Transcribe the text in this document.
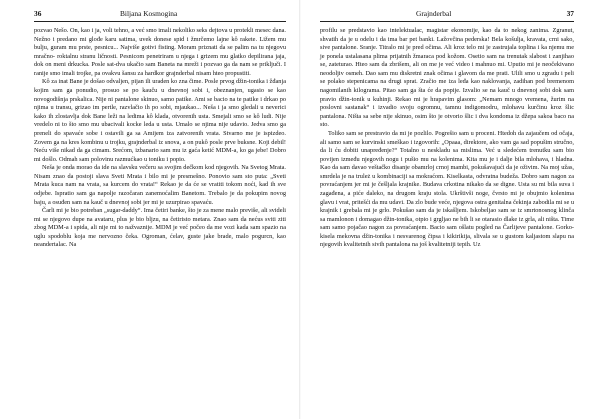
36	Biljana Kosmogina

pozvao Nešo. On, kao i ja, voli tehno, a već smo imali nekoliko seks dejtova u protekli mesec dana. Nežno i predano mi glođe karu satima, uvek donese spid i žmrčemo lajne kô rakete. Ližem mu bulju, guram mu prste, pesnicu... Najviše gotivi fisting. Moram priznati da se palim na tu njegovu mračno- roktalnu stranu ličnosti. Pesnicom penetriram u njega i grizem mu glatko depilirana jaja, dok on meni drkucka. Posle sat-dva ukačio sam Baneta na mreži i pozvao ga da nam se priključi. I ranije smo imali trojke, pa ovakvu šansu za hardkor grajnderbal nisam hteo propustiti.

Kô za inat Bane je došao odvaljen, pijan ili uraden ko zna čime. Posle prvog džin-tonika i žđanja kojim sam ga ponudio, prosuo se po kauču u dnevnoj sobi i, obeznanjen, ugasio se kao novogodišnja prskalica. Nije ni pantalone skinuo, samo patike. Ami se bacio na te patike i drkao po njima u transu, grizao im pertle, razvlačio ih po sobi, mjaukao... Neša i ja smo gledali u neverici kako ih zlostavlja dok Bane leži na ledima kô klada, otvorenih usta. Smejali smo se kô ludi. Nije vredelo ni to što smo mu ubacivali kocke leda u usta. Umalo se njima nije udavio. Jedva smo ga preneli do spavaće sobe i ostavili ga sa Amijem iza zatvorenih vrata. Stvarno me je ispizdeo. Zovem ga na kres kombinu u trojku, grajnderbal iz snova, a on pukô posle prve buksne. Koji debil! Neću više nikad da ga cimam. Srećom, izbanario sam mu iz gaća ketić MDM-a, ko ga jebe! Dobro mi došlo. Odmah sam polovinu razmućkao u toniku i popio.

Neša je onda morao da ide na slavsku večeru sa svojim dečkom kod njegovih. Na Svetog Mrata. Nisam znao da postoji slava Sveti Mrata i bilo mi je presmešno. Ponovio sam sto puta: „Sveti Mrata kuca nam na vrata, sa kurcem do vrata!“ Rekao je da će se vratiti tokom noći, kad ih sve odjebe. Ispratio sam ga napolje razočaran zanemoćalim Banetom. Trebalo je da pokupim novog baju, a osuđen sam na kauč u dnevnoj sobi jer mi je uzurpirao spavaću.

Čarli mi je bio potreban „sugar-daddy“. Ima četiri banke, što je za mene malo previše, ali svideli mi se njegovo dupe na avataru, plus je bio bljzu, na četiristo metara. Znao sam da nećus sviti ziti zbog MDM-a i spida, ali nije mi to nažvaznije. MDM je već počeo da me vozi kada sam spazio na uglu spodoblu koja me nervozno čeka. Ogroman, ćelav, guste jake brade, malo pogurcn, kao neandertalac. Na

Grajnderbal	37

profilu se predstavio kao intelektualac, magistar ekonomije, kao da to nekog zanima. Zgranut, shvatih da je u odelu i da ima bar pet banki. Lažovčina pederska! Bela košulja, kravata, crni sako, sive pantalone. Sranje. Titralo mi je pred očima. Ali kroz telo mi je zastrujala toplina i ka njemu me je ponela ustalasana plima prijatnih žmaraca pod kožom. Osetio sam na trenutak slabost i zanjihao se, zateturao. Hteo sam da zbrišem, ali on me je već video i mahnuo mi. Uputio mi je neočekivano neodoljiv osmeh. Dao sam mu diskretni znak očima i glavom da me prati. Ulili smo u zgradu i peli se polako stepenicama na drugi sprat. Zračio me iza leđa kao naklovanja, zadihan pod bremenom nagomilanih kilograma. Pitao sam ga šta će da popije. Izvalio se na kauč u dnevnoj sobi dok sam pravio džin-tonik u kuhinji. Rekao mi je hrapavim glasom: „Nemam mnogo vremena, žurim na poslovni sastanak“ i izvadio svoju ogromnu, tamnu indigomodru, mlohavu kurčinu kroz šlic pantalona. Ništa sa sebe nije skinuo, osim što je otvorio šlic i dva kondoma iz džepa sakoa baco na sto.

Toliko sam se prestravio da mi je pozlilo. Pogrešio sam u proceni. Htedoh da zajaučem od očaja, ali samo sam se kurvinski smeškao i izgovorih: „Opaaa, direktore, ako vam ga sad popušim stručno, da li ću dobiti unapređenje?“ Totalno u neskladu sa mislima. Već u sledećem trenutku sam bio povijen između njegovih nogu i pušio mu na kolenima. Kita mu je i dalje bila mlohava, i hladna. Kao da sam davao veštačko disanje obamrloj crnoj mambi, pokušavajući da je oživim. Na moj užas, smrdela je na truleż u kombinaciji sa mokraćom. Kiselkasta, odvratna budeža. Dobro sam nagon za povraćanjem jer mi je češljala krajnike. Budava crkotina nikako da se digne. Usta su mi bila suva i zagađena, a piće daleko, na drugom kraju stola. Ukrštivši noge, čvrsto mi je obujmio kolenima glavu i vrat, pritešći da mu udavi. Da zlo bude veće, njegova ostra genitalna čekinja zabodila mi se u krajnik i grebala mi je grlo. Pokušao sam da je iskašljem. Iskobeljao sam se iz smrtonosnog klinča sa mamlonon i domagao džin-tonika, otpio i grgljao ne bih li se otarasio dlake iz grla, ali ništa. Time sam samo pojačao nagon za povraćanjem. Bacio sam ošlatu pogled na Čarlijeve pantalone. Gorko-kisela mekovna džin-tonika i nesvarenog čipsa i kikirikija, slivala se u gustom kaljastom slapu na njegovih kvalitetnih sivih pantalona na još kvalitetniji tepih. Uz
